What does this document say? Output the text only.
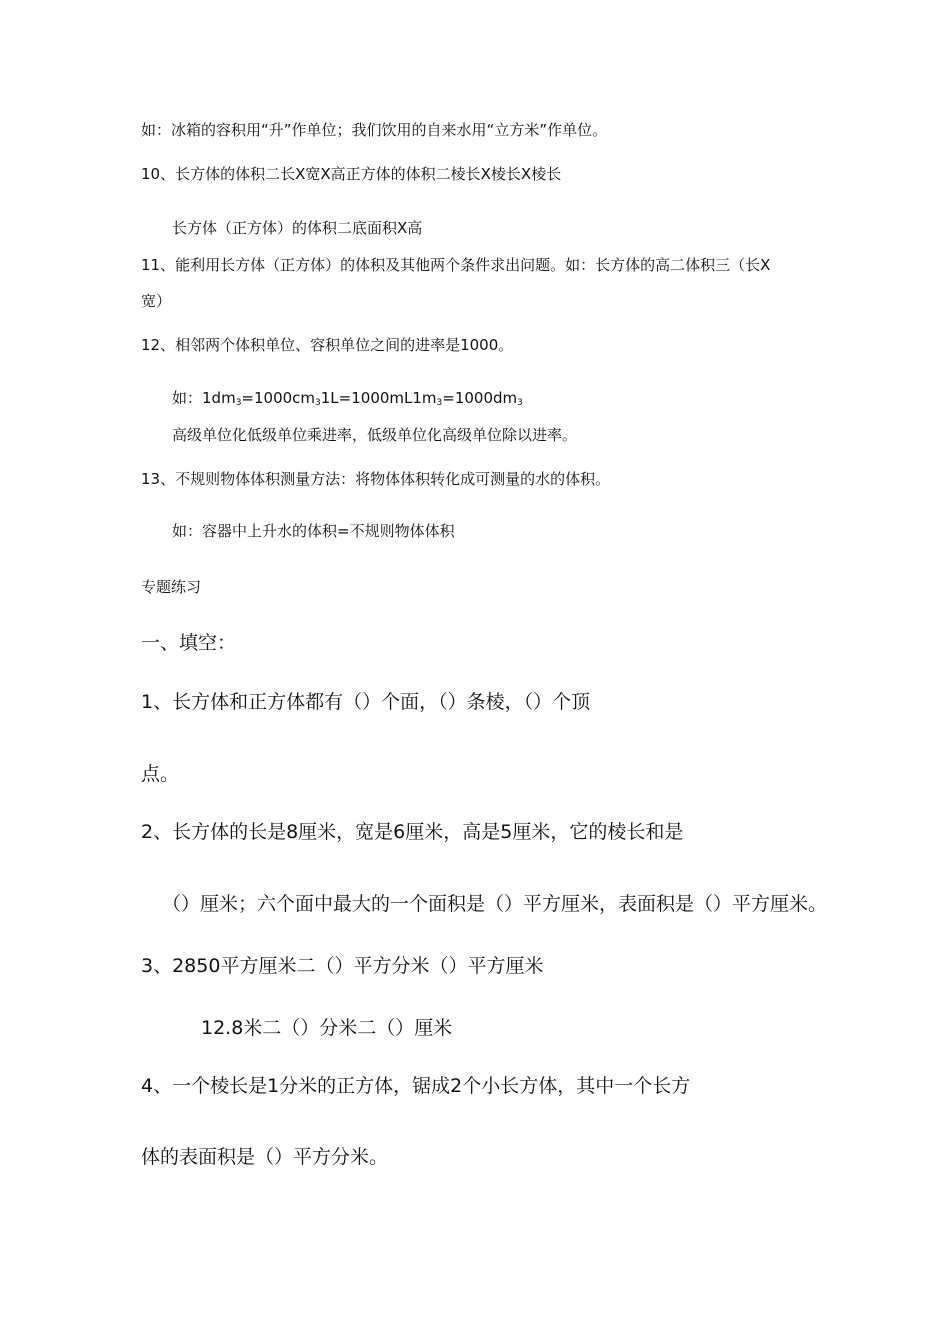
如：冰箱的容积用“升”作单位；我们饮用的自来水用“立方米”作单位。

10、长方体的体积二长X宽X高正方体的体积二棱长X棱长X棱长

长方体（正方体）的体积二底面积X高

11、能利用长方体（正方体）的体积及其他两个条件求出问题。如：长方体的高二体积三（长X

宽）

12、相邻两个体积单位、容积单位之间的进率是1000。

如：$1dm_3=1000cm_31L=1000mL1m_3=1000dm_3$

高级单位化低级单位乘进率，低级单位化高级单位除以进率。

13、不规则物体体积测量方法：将物体体积转化成可测量的水的体积。

如：容器中上升水的体积=不规则物体体积

专题练习

一、填空：

1、长方体和正方体都有（）个面，（）条棱，（）个顶

点。

2、长方体的长是8厘米，宽是6厘米，高是5厘米，它的棱长和是

（）厘米；六个面中最大的一个面积是（）平方厘米，表面积是（）平方厘米。

3、2850平方厘米二（）平方分米（）平方厘米

12.8米二（）分米二（）厘米

4、一个棱长是1分米的正方体，锯成2个小长方体，其中一个长方

体的表面积是（）平方分米。
